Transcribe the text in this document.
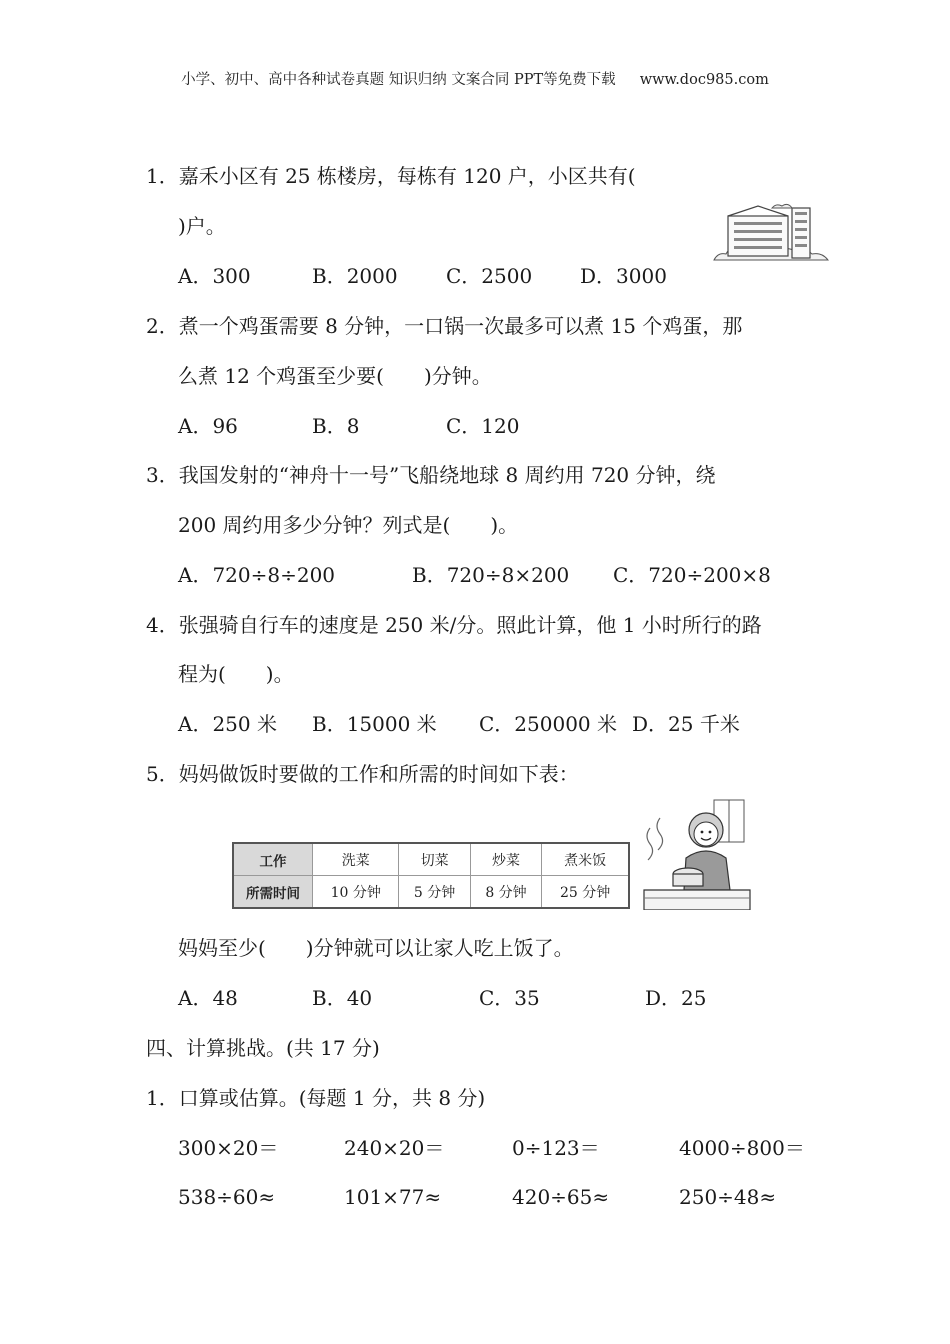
小学、初中、高中各种试卷真题 知识归纳 文案合同 PPT等免费下载 www.doc985.com
1．嘉禾小区有 25 栋楼房，每栋有 120 户，小区共有(
)户。
A．300	B．2000 C．2500 D．3000
2．煮一个鸡蛋需要 8 分钟，一口锅一次最多可以煮 15 个鸡蛋，那
么煮 12 个鸡蛋至少要(　　)分钟。
A．96	B．8	C．120
3．我国发射的“神舟十一号”飞船绕地球 8 周约用 720 分钟，绕
200 周约用多少分钟？列式是(　　)。
A．720÷8÷200	B．720÷8×200 C．720÷200×8
4．张强骑自行车的速度是 250 米/分。照此计算，他 1 小时所行的路
程为(　　)。
A．250 米 B．15000 米 C．250000 米 D．25 千米
5．妈妈做饭时要做的工作和所需的时间如下表：
工作	洗菜	切菜	炒菜	煮米饭
所需时间	10 分钟	5 分钟	8 分钟	25 分钟
妈妈至少(　　)分钟就可以让家人吃上饭了。
A．48	B．40	C．35	D．25
四、计算挑战。(共 17 分)
1．口算或估算。(每题 1 分，共 8 分)
300×20＝	240×20＝	0÷123＝	4000÷800＝
538÷60≈	101×77≈	420÷65≈	250÷48≈
